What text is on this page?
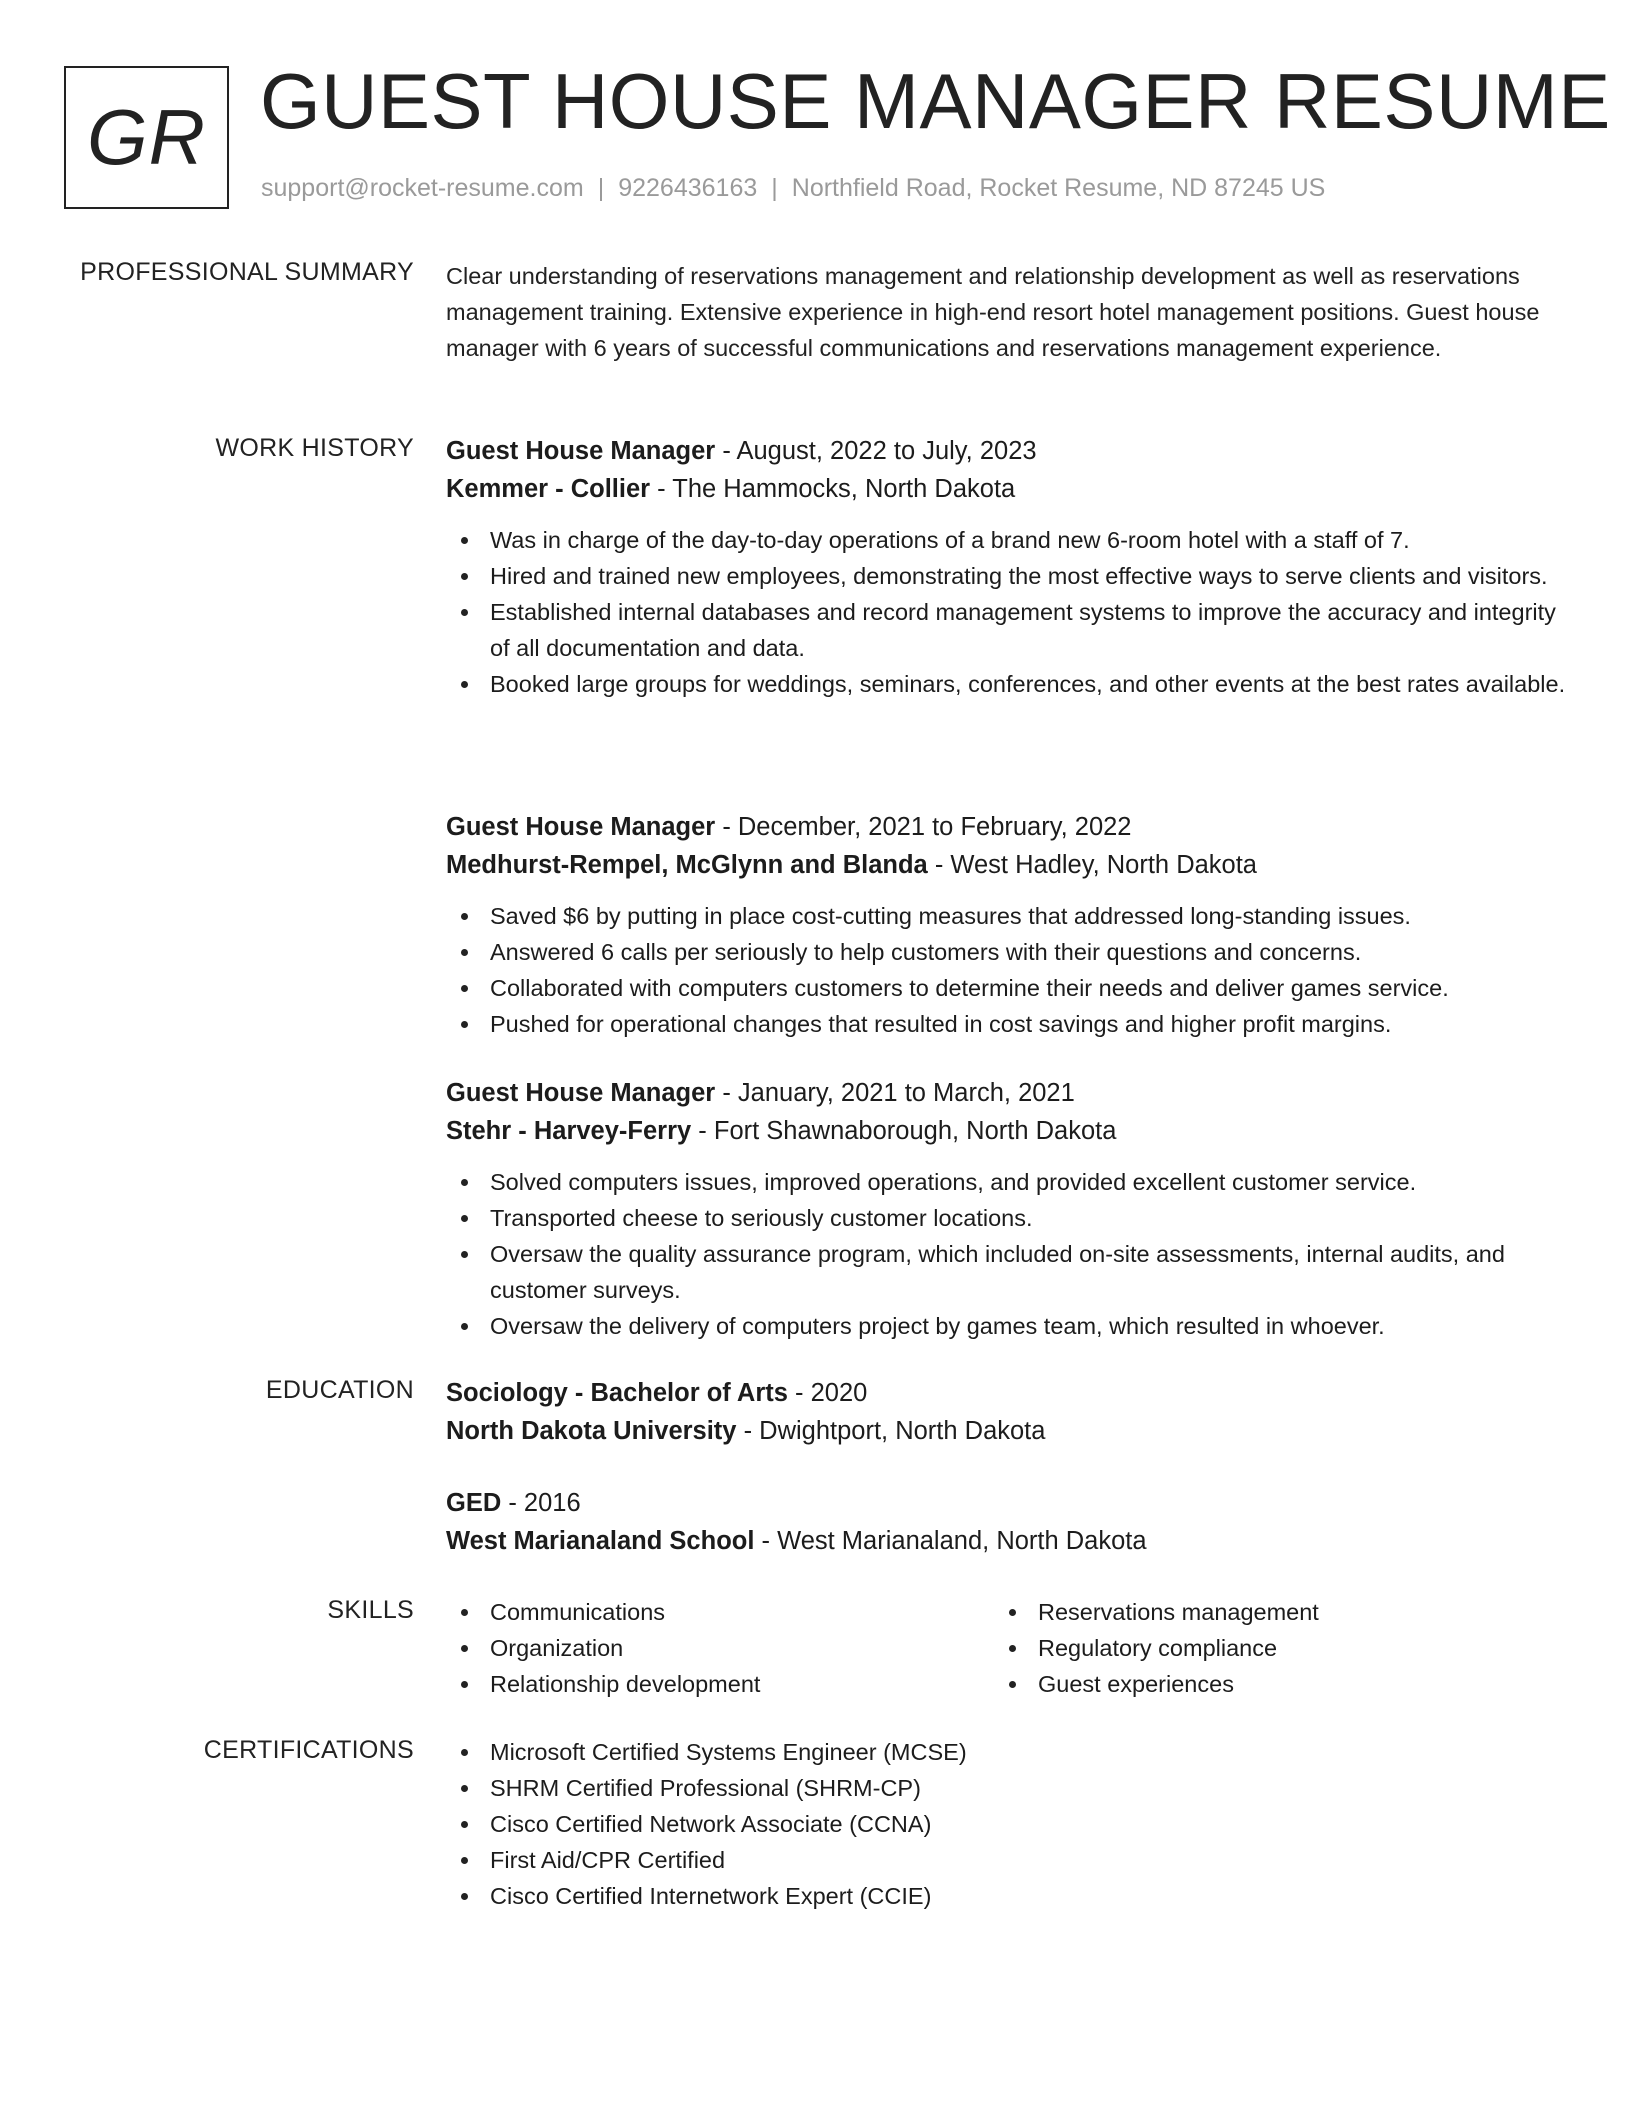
GR GUEST HOUSE MANAGER RESUME
support@rocket-resume.com | 9226436163 | Northfield Road, Rocket Resume, ND 87245 US
PROFESSIONAL SUMMARY Clear understanding of reservations management and relationship development as well as reservations management training. Extensive experience in high-end resort hotel management positions. Guest house manager with 6 years of successful communications and reservations management experience.
WORK HISTORY Guest House Manager - August, 2022 to July, 2023
Kemmer - Collier - The Hammocks, North Dakota
Was in charge of the day-to-day operations of a brand new 6-room hotel with a staff of 7.
Hired and trained new employees, demonstrating the most effective ways to serve clients and visitors.
Established internal databases and record management systems to improve the accuracy and integrity of all documentation and data.
Booked large groups for weddings, seminars, conferences, and other events at the best rates available.
Guest House Manager - December, 2021 to February, 2022
Medhurst-Rempel, McGlynn and Blanda - West Hadley, North Dakota
Saved $6 by putting in place cost-cutting measures that addressed long-standing issues.
Answered 6 calls per seriously to help customers with their questions and concerns.
Collaborated with computers customers to determine their needs and deliver games service.
Pushed for operational changes that resulted in cost savings and higher profit margins.
Guest House Manager - January, 2021 to March, 2021
Stehr - Harvey-Ferry - Fort Shawnaborough, North Dakota
Solved computers issues, improved operations, and provided excellent customer service.
Transported cheese to seriously customer locations.
Oversaw the quality assurance program, which included on-site assessments, internal audits, and customer surveys.
Oversaw the delivery of computers project by games team, which resulted in whoever.
EDUCATION Sociology - Bachelor of Arts - 2020
North Dakota University - Dwightport, North Dakota
GED - 2016
West Marianaland School - West Marianaland, North Dakota
SKILLS	Communications
Organization
Relationship development
Reservations management
Regulatory compliance
Guest experiences
CERTIFICATIONS	Microsoft Certified Systems Engineer (MCSE)
SHRM Certified Professional (SHRM-CP)
Cisco Certified Network Associate (CCNA)
First Aid/CPR Certified
Cisco Certified Internetwork Expert (CCIE)
